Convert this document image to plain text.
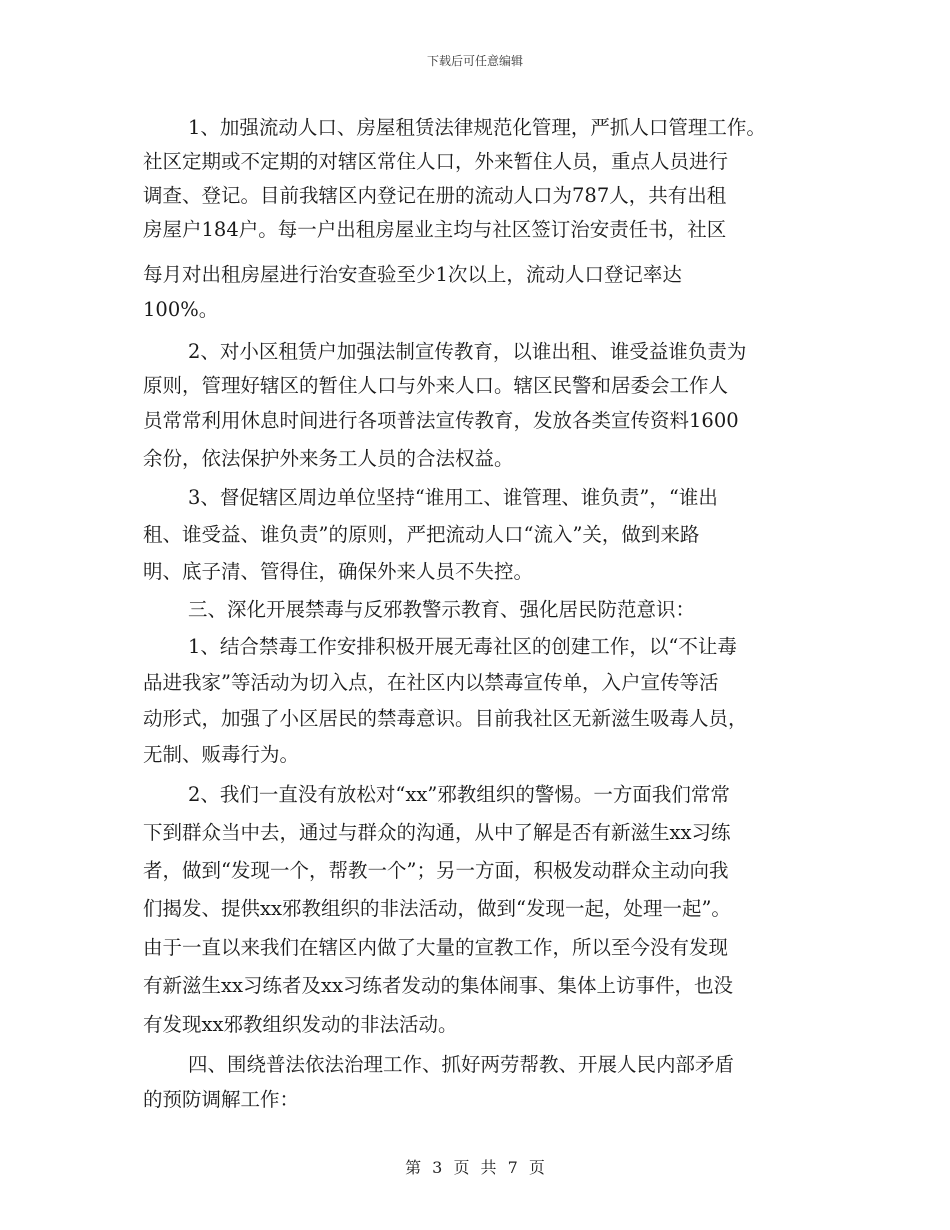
下载后可任意编辑
1、加强流动人口、房屋租赁法律规范化管理，严抓人口管理工作。
社区定期或不定期的对辖区常住人口，外来暂住人员，重点人员进行
调查、登记。目前我辖区内登记在册的流动人口为787人，共有出租
房屋户184户。每一户出租房屋业主均与社区签订治安责任书，社区
每月对出租房屋进行治安查验至少1次以上，流动人口登记率达
100%。
2、对小区租赁户加强法制宣传教育，以谁出租、谁受益谁负责为
原则，管理好辖区的暂住人口与外来人口。辖区民警和居委会工作人
员常常利用休息时间进行各项普法宣传教育，发放各类宣传资料1600
余份，依法保护外来务工人员的合法权益。
3、督促辖区周边单位坚持“谁用工、谁管理、谁负责”，“谁出
租、谁受益、谁负责”的原则，严把流动人口“流入”关，做到来路
明、底子清、管得住，确保外来人员不失控。
三、深化开展禁毒与反邪教警示教育、强化居民防范意识：
1、结合禁毒工作安排积极开展无毒社区的创建工作，以“不让毒
品进我家”等活动为切入点，在社区内以禁毒宣传单，入户宣传等活
动形式，加强了小区居民的禁毒意识。目前我社区无新滋生吸毒人员，
无制、贩毒行为。
2、我们一直没有放松对“xx”邪教组织的警惕。一方面我们常常
下到群众当中去，通过与群众的沟通，从中了解是否有新滋生xx习练
者，做到“发现一个，帮教一个”；另一方面，积极发动群众主动向我
们揭发、提供xx邪教组织的非法活动，做到“发现一起，处理一起”。
由于一直以来我们在辖区内做了大量的宣教工作，所以至今没有发现
有新滋生xx习练者及xx习练者发动的集体闹事、集体上访事件，也没
有发现xx邪教组织发动的非法活动。
四、围绕普法依法治理工作、抓好两劳帮教、开展人民内部矛盾
的预防调解工作：
第 3 页 共 7 页
